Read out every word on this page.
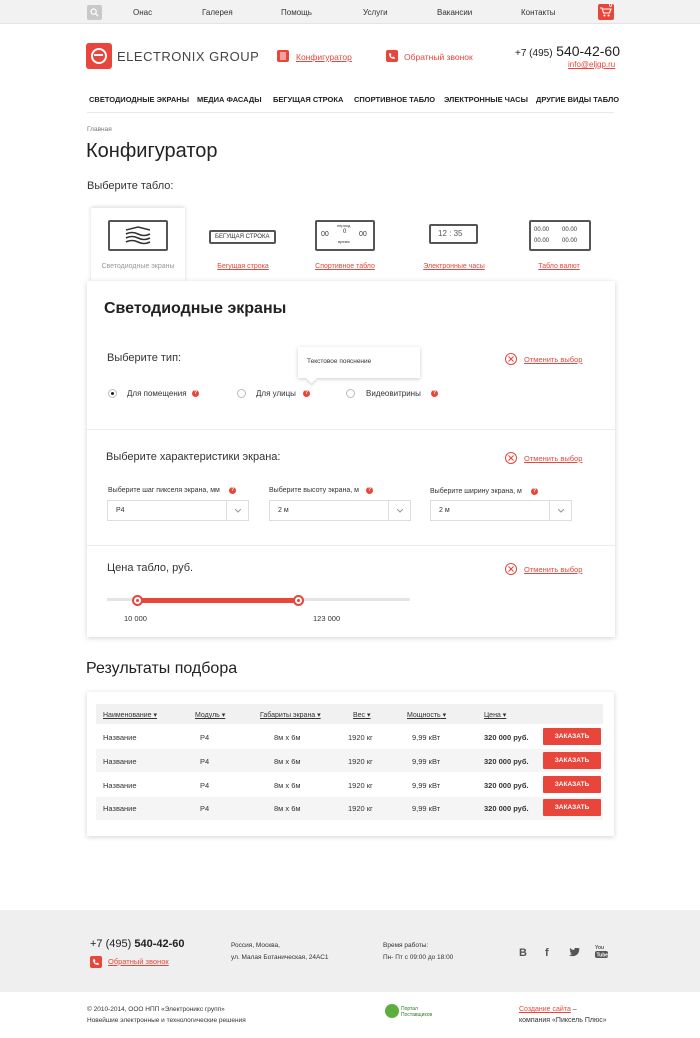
Онас	Галерея	Помощь	Услуги	Вакансии	Контакты
0
ELECTRONIX GROUP	Конфигуратор	Обратный звонок	+7 (495) 540-42-60
info@eljgp.ru
СВЕТОДИОДНЫЕ ЭКРАНЫ МЕДИА ФАСАДЫ БЕГУЩАЯ СТРОКА СПОРТИВНОЕ ТАБЛО ЭЛЕКТРОННЫЕ ЧАСЫ ДРУГИЕ ВИДЫ ТАБЛО
Главная
Конфигуратор
Выберите табло:
Светодиодные экраны
БЕГУЩАЯ СТРОКА
Бегущая строка
период
00 0 00
время
Спортивное табло
12 : 35
Электронные часы
00.00 00.00
00.00 00.00
Табло валют
Светодиодные экраны
Выберите тип:	Отменить выбор
Для помещения	?	Для улицы	?	Видеовитрины	?
Текстовое пояснение
Выберите характеристики экрана:	Отменить выбор
Выберите шаг пикселя экрана, мм	?
P4
Выберите высоту экрана, м	?
2 м
Выберите ширину экрана, м	?
2 м
Цена табло, руб.	Отменить выбор
10 000	123 000
Результаты подбора
Наименование ▾	Модуль ▾	Габариты экрана ▾	Вес ▾	Мощность ▾	Цена ▾
Название	P4	8м х 6м	1920 кг	9,99 кВт	320 000 руб.	ЗАКАЗАТЬ
Название	P4	8м х 6м	1920 кг	9,99 кВт	320 000 руб.	ЗАКАЗАТЬ
Название	P4	8м х 6м	1920 кг	9,99 кВт	320 000 руб.	ЗАКАЗАТЬ
Название	P4	8м х 6м	1920 кг	9,99 кВт	320 000 руб.	ЗАКАЗАТЬ
+7 (495) 540-42-60
Обратный звонок
Россия, Москва,
ул. Малая Ботаническая, 24АС1
Время работы:
Пн- Пт с 09:00 до 18:00	В f	You
Tube
© 2010-2014, ООО НПП «Электроникс групп»
Новейшие электронные и технологические решения
Портал
Поставщиков
Создание сайта –
компания «Пиксель Плюс»
